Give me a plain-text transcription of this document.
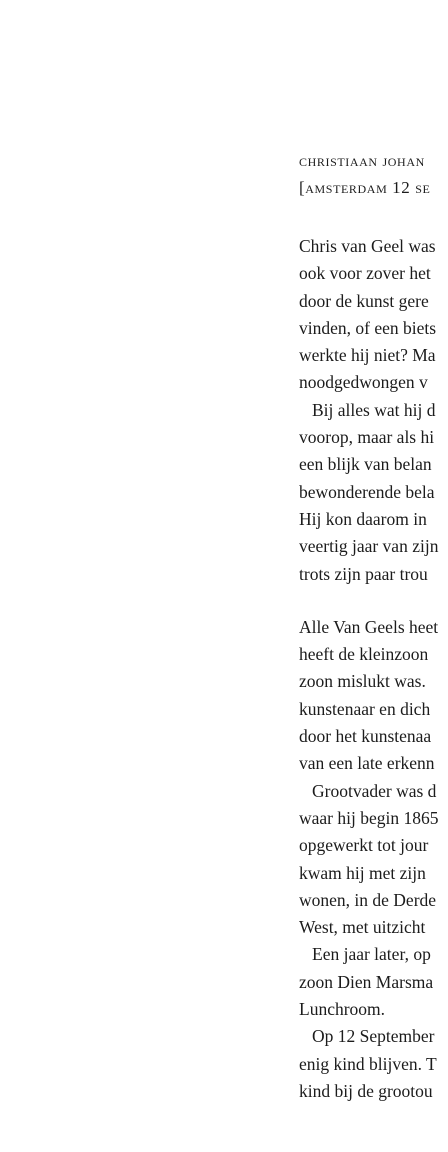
christiaan johan
[amsterdam 12 se
Chris van Geel was
ook voor zover het
door de kunst gere
vinden, of een biets
werkte hij niet? Ma
noodgedwongen v
Bij alles wat hij d
voorop, maar als hi
een blijk van belan
bewonderende bela
Hij kon daarom in
veertig jaar van zijn
trots zijn paar trou
Alle Van Geels heet
heeft de kleinzoon
zoon mislukt was.
kunstenaar en dich
door het kunstenaa
van een late erkenn
Grootvader was d
waar hij begin 1865
opgewerkt tot jour
kwam hij met zijn
wonen, in de Derde
West, met uitzicht
Een jaar later, op
zoon Dien Marsma
Lunchroom.
Op 12 September
enig kind blijven. T
kind bij de grootou
